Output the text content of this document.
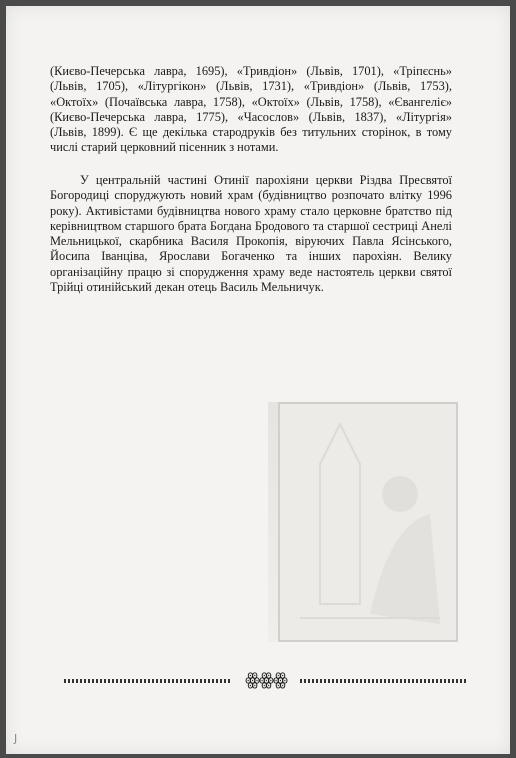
(Києво-Печерська лавра, 1695), «Тривдіон» (Львів, 1701), «Тріпєснь» (Львів, 1705), «Літургікон» (Львів, 1731), «Тривдіон» (Львів, 1753), «Октоїх» (Почаївська лавра, 1758), «Октоїх» (Львів, 1758), «Євангеліє» (Києво-Печерська лавра, 1775), «Часослов» (Львів, 1837), «Літургія» (Львів, 1899). Є ще декілька стародруків без титульних сторінок, в тому числі старий церковний пісенник з нотами.

У центральній частині Отинії парохіяни церкви Різдва Пресвятої Богородиці споруджують новий храм (будівництво розпочато влітку 1996 року). Активістами будівництва нового храму стало церковне братство під керівництвом старшого брата Богдана Бродового та старшої сестриці Анелі Мельницької, скарбника Василя Прокопія, віруючих Павла Ясінського, Йосипа Іванціва, Ярослави Богаченко та інших парохіян. Велику організаційну працю зі спорудження храму веде настоятель церкви святої Трійці отинійський декан отець Василь Мельничук.

ꙮꙮꙮ

J
